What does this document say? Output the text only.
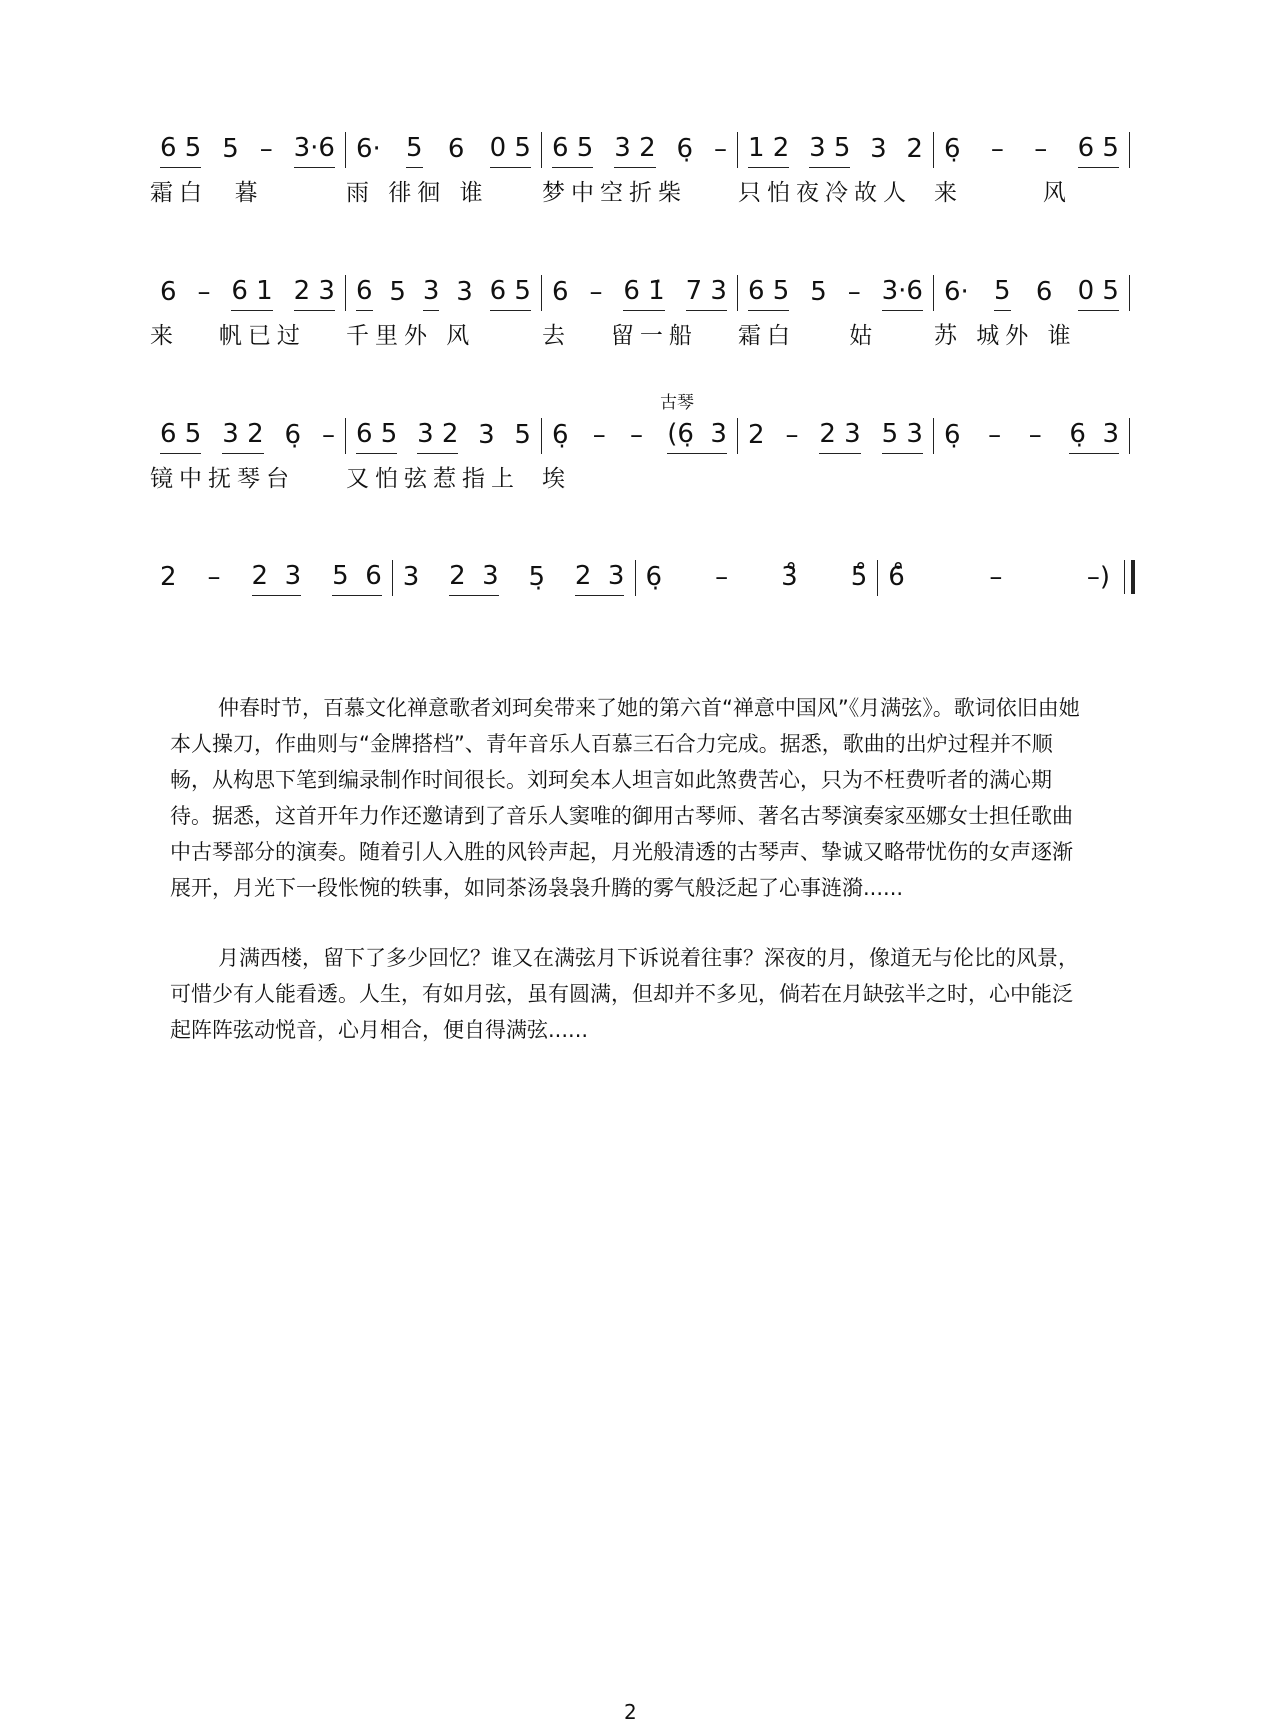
6 5 5 – 3·6 6· 5 6 0 5 6 5 3 2 6̣ – 1 2 3 5 3 2 6̣ – – 6 5
霜白  暮	雨 徘徊 谁	梦中空折柴	只怕夜冷故人 来      风
6 – 6 1 2 3 6 5 3 3 6 5 6 – 6 1̇ 7 3 6 5 5 – 3·6 6· 5 6 0 5
来   帆已过	千里外 风	去   留一船	霜白    姑	苏 城外 谁
6 5 3 2 6̣ – 6 5 3 2 3 5 6̣ – – (6̣  3 2 – 2 3 5 3 6̣ – – 6̣  3
镜中抚琴台	又怕弦惹指上 埃
古琴
2 – 2  3 5  6 3 2  3 5̣ 2  3 6̣ – 3̊ 5̊ 6̊	–	–)

仲春时节，百慕文化禅意歌者刘珂矣带来了她的第六首“禅意中国风”《月满弦》。歌词依旧由她本人操刀，作曲则与“金牌搭档”、青年音乐人百慕三石合力完成。据悉，歌曲的出炉过程并不顺畅，从构思下笔到编录制作时间很长。刘珂矣本人坦言如此煞费苦心，只为不枉费听者的满心期待。据悉，这首开年力作还邀请到了音乐人窦唯的御用古琴师、著名古琴演奏家巫娜女士担任歌曲中古琴部分的演奏。随着引人入胜的风铃声起，月光般清透的古琴声、挚诚又略带忧伤的女声逐渐展开，月光下一段怅惋的轶事，如同茶汤袅袅升腾的雾气般泛起了心事涟漪......

月满西楼，留下了多少回忆？谁又在满弦月下诉说着往事？深夜的月，像道无与伦比的风景，可惜少有人能看透。人生，有如月弦，虽有圆满，但却并不多见，倘若在月缺弦半之时，心中能泛起阵阵弦动悦音，心月相合，便自得满弦......

2
